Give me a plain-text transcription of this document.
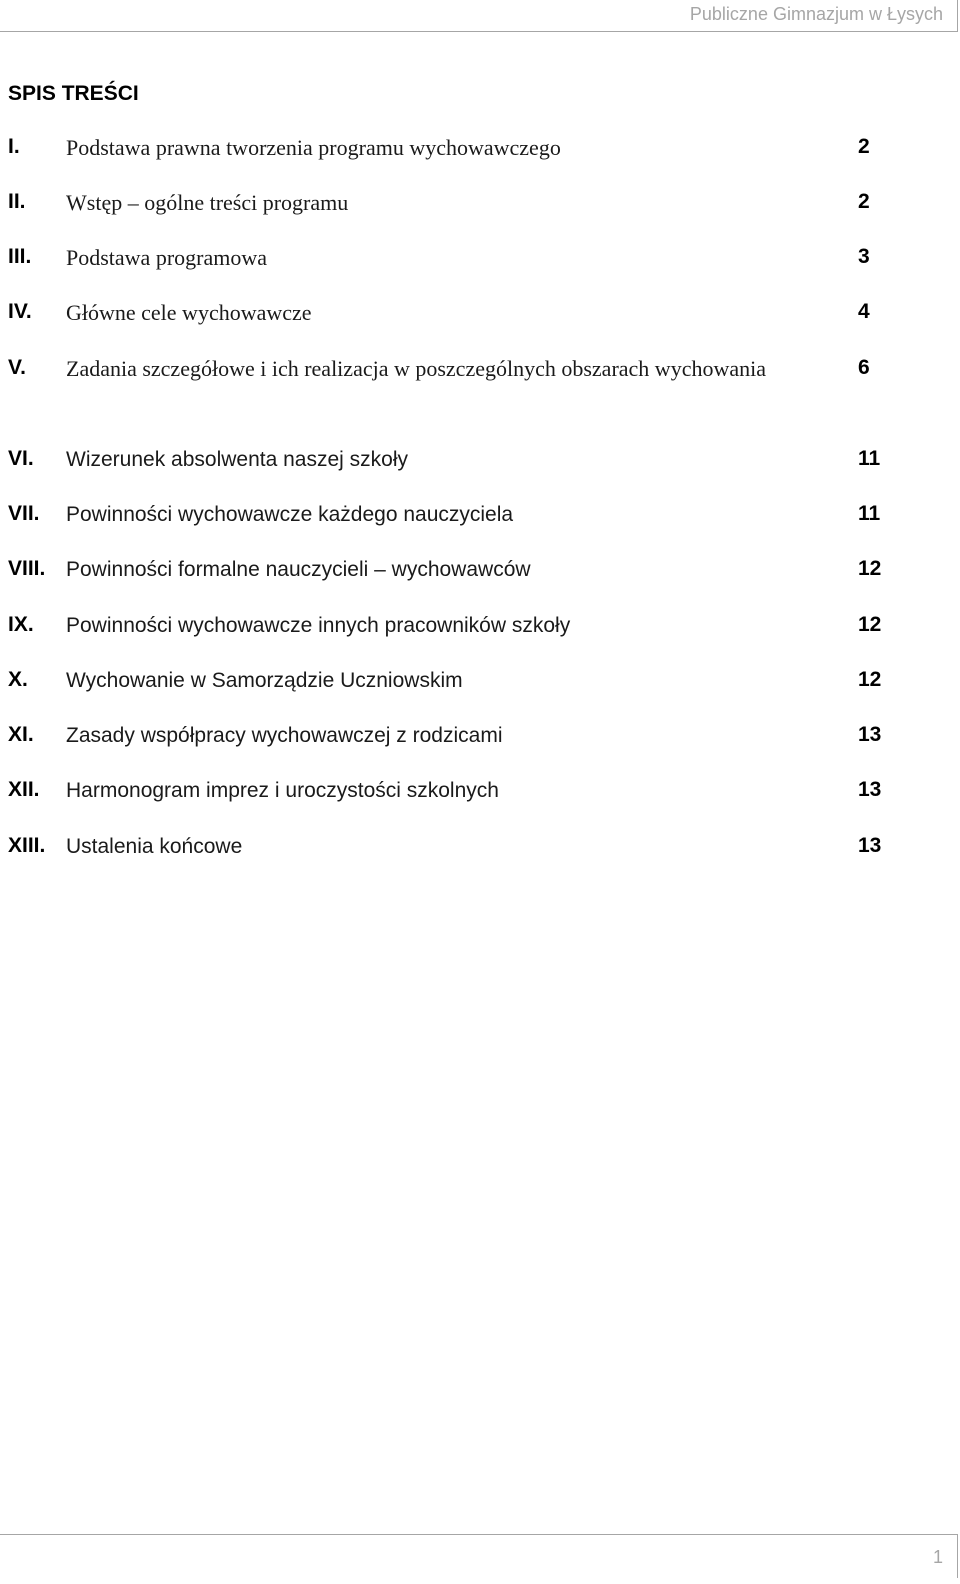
Publiczne Gimnazjum w Łysych
SPIS TREŚCI
I. Podstawa prawna tworzenia programu wychowawczego	2
II. Wstęp – ogólne treści programu	2
III. Podstawa programowa	3
IV. Główne cele wychowawcze	4
V. Zadania szczegółowe i ich realizacja w poszczególnych obszarach wychowania	6
VI. Wizerunek absolwenta naszej szkoły	11
VII. Powinności wychowawcze każdego nauczyciela	11
VIII. Powinności formalne nauczycieli – wychowawców	12
IX. Powinności wychowawcze innych pracowników szkoły	12
X. Wychowanie w Samorządzie Uczniowskim	12
XI. Zasady współpracy wychowawczej z rodzicami	13
XII. Harmonogram imprez i uroczystości szkolnych	13
XIII. Ustalenia końcowe	13
1
